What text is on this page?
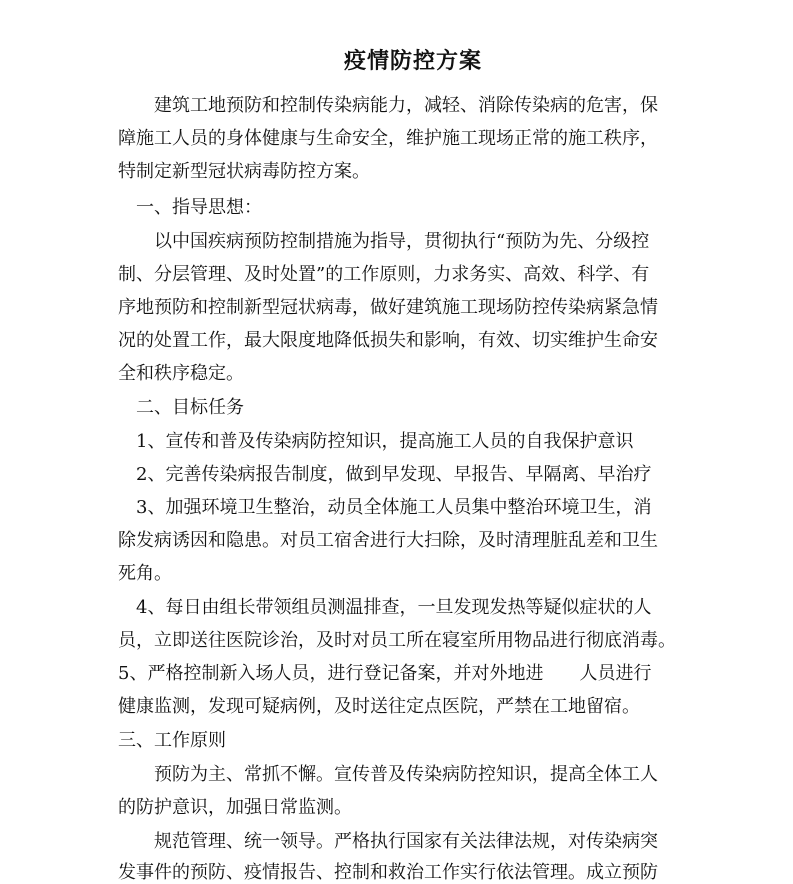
疫情防控方案

建筑工地预防和控制传染病能力，减轻、消除传染病的危害，保

障施工人员的身体健康与生命安全，维护施工现场正常的施工秩序，

特制定新型冠状病毒防控方案。

一、指导思想：

以中国疾病预防控制措施为指导，贯彻执行“预防为先、分级控

制、分层管理、及时处置”的工作原则，力求务实、高效、科学、有

序地预防和控制新型冠状病毒，做好建筑施工现场防控传染病紧急情

况的处置工作，最大限度地降低损失和影响，有效、切实维护生命安

全和秩序稳定。

二、目标任务

1、宣传和普及传染病防控知识，提高施工人员的自我保护意识

2、完善传染病报告制度，做到早发现、早报告、早隔离、早治疗

3、加强环境卫生整治，动员全体施工人员集中整治环境卫生，消

除发病诱因和隐患。对员工宿舍进行大扫除，及时清理脏乱差和卫生

死角。

4、每日由组长带领组员测温排查，一旦发现发热等疑似症状的人

员，立即送往医院诊治，及时对员工所在寝室所用物品进行彻底消毒。

5、严格控制新入场人员，进行登记备案，并对外地进　　人员进行

健康监测，发现可疑病例，及时送往定点医院，严禁在工地留宿。

三、工作原则

预防为主、常抓不懈。宣传普及传染病防控知识，提高全体工人

的防护意识，加强日常监测。

规范管理、统一领导。严格执行国家有关法律法规，对传染病突

发事件的预防、疫情报告、控制和救治工作实行依法管理。成立预防
